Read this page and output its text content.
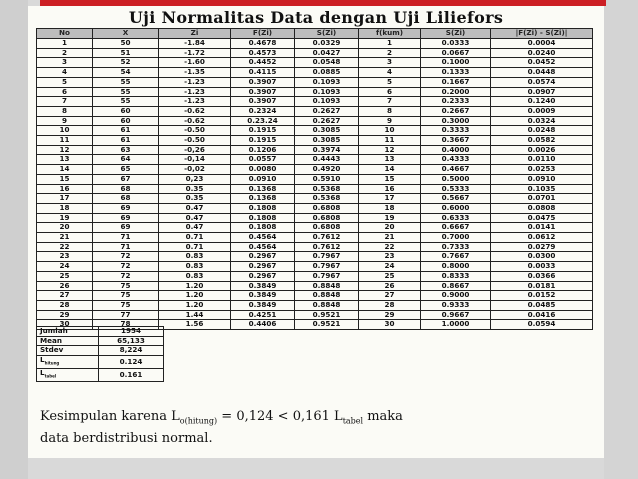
Uji Normalitas Data dengan Uji Liliefors
No	X	Zi	F(Zi)	S(Zi)	f(kum)	S(Zi)	|F(Zi) - S(Zi)|
1	50	-1.84	0.4678	0.0329	1	0.0333	0.0004
2	51	-1.72	0.4573	0.0427	2	0.0667	0.0240
3	52	-1.60	0.4452	0.0548	3	0.1000	0.0452
4	54	-1.35	0.4115	0.0885	4	0.1333	0.0448
5	55	-1.23	0.3907	0.1093	5	0.1667	0.0574
6	55	-1.23	0.3907	0.1093	6	0.2000	0.0907
7	55	-1.23	0.3907	0.1093	7	0.2333	0.1240
8	60	-0.62	0.2324	0.2627	8	0.2667	0.0009
9	60	-0.62	0.23.24	0.2627	9	0.3000	0.0324
10	61	-0.50	0.1915	0.3085	10	0.3333	0.0248
11	61	-0.50	0.1915	0.3085	11	0.3667	0.0582
12	63	-0,26	0.1206	0.3974	12	0.4000	0.0026
13	64	-0,14	0.0557	0.4443	13	0.4333	0.0110
14	65	-0,02	0.0080	0.4920	14	0.4667	0.0253
15	67	0,23	0.0910	0.5910	15	0.5000	0.0910
16	68	0.35	0.1368	0.5368	16	0.5333	0.1035
17	68	0.35	0.1368	0.5368	17	0.5667	0.0701
18	69	0.47	0.1808	0.6808	18	0.6000	0.0808
19	69	0.47	0.1808	0.6808	19	0.6333	0.0475
20	69	0.47	0.1808	0.6808	20	0.6667	0.0141
21	71	0.71	0.4564	0.7612	21	0.7000	0.0612
22	71	0.71	0.4564	0.7612	22	0.7333	0.0279
23	72	0.83	0.2967	0.7967	23	0.7667	0.0300
24	72	0.83	0.2967	0.7967	24	0.8000	0.0033
25	72	0.83	0.2967	0.7967	25	0.8333	0.0366
26	75	1.20	0.3849	0.8848	26	0.8667	0.0181
27	75	1.20	0.3849	0.8848	27	0.9000	0.0152
28	75	1.20	0.3849	0.8848	28	0.9333	0.0485
29	77	1.44	0.4251	0.9521	29	0.9667	0.0416
30	78	1.56	0.4406	0.9521	30	1.0000	0.0594
Jumlah	1954
Mean	65,133
Stdev	8,224
$L_{hitung}$	0.124
$L_{tabel}$	0.161
Kesimpulan karena $L_{o(hitung)} = 0,124 < 0,161$ $L_{tabel}$ maka
data berdistribusi normal.
